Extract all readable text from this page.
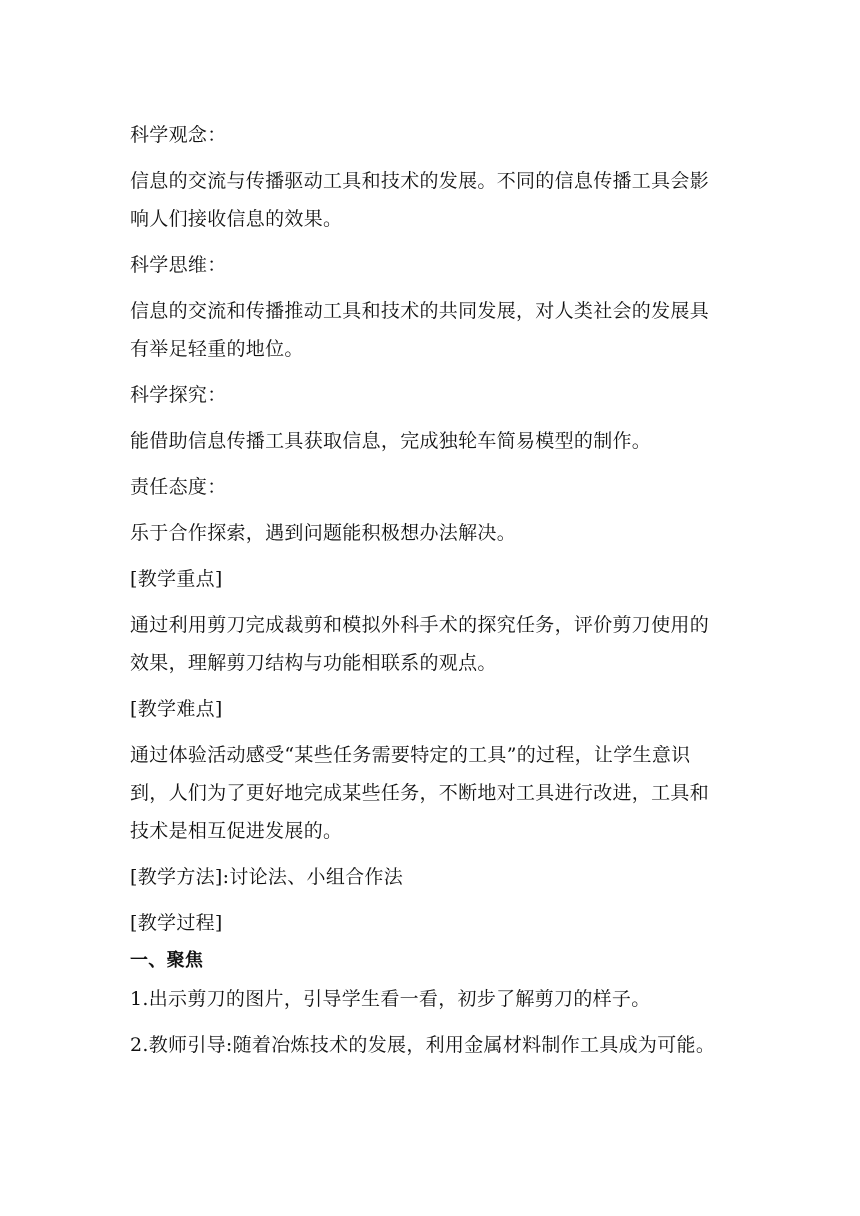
科学观念：
信息的交流与传播驱动工具和技术的发展。不同的信息传播工具会影
响人们接收信息的效果。
科学思维：
信息的交流和传播推动工具和技术的共同发展，对人类社会的发展具
有举足轻重的地位。
科学探究：
能借助信息传播工具获取信息，完成独轮车简易模型的制作。
责任态度：
乐于合作探索，遇到问题能积极想办法解决。
[教学重点]
通过利用剪刀完成裁剪和模拟外科手术的探究任务，评价剪刀使用的
效果，理解剪刀结构与功能相联系的观点。
[教学难点]
通过体验活动感受“某些任务需要特定的工具”的过程，让学生意识
到，人们为了更好地完成某些任务，不断地对工具进行改进，工具和
技术是相互促进发展的。
[教学方法]:讨论法、小组合作法
[教学过程]
一、聚焦
1.出示剪刀的图片，引导学生看一看，初步了解剪刀的样子。
2.教师引导:随着冶炼技术的发展，利用金属材料制作工具成为可能。
